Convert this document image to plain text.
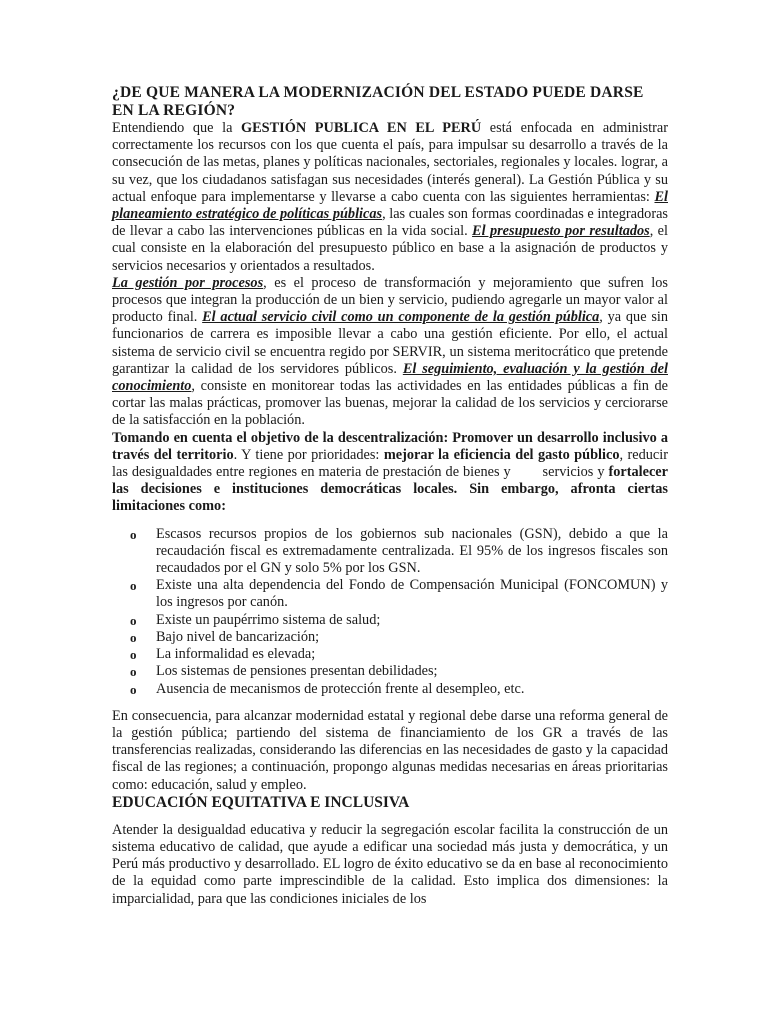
¿DE QUE MANERA LA MODERNIZACIÓN DEL ESTADO PUEDE DARSE EN LA REGIÓN?

Entendiendo que la GESTIÓN PUBLICA EN EL PERÚ está enfocada en administrar correctamente los recursos con los que cuenta el país, para impulsar su desarrollo a través de la consecución de las metas, planes y políticas nacionales, sectoriales, regionales y locales. lograr, a su vez, que los ciudadanos satisfagan sus necesidades (interés general). La Gestión Pública y su actual enfoque para implementarse y llevarse a cabo cuenta con las siguientes herramientas: El planeamiento estratégico de políticas públicas, las cuales son formas coordinadas e integradoras de llevar a cabo las intervenciones públicas en la vida social. El presupuesto por resultados, el cual consiste en la elaboración del presupuesto público en base a la asignación de productos y servicios necesarios y orientados a resultados.

La gestión por procesos, es el proceso de transformación y mejoramiento que sufren los procesos que integran la producción de un bien y servicio, pudiendo agregarle un mayor valor al producto final. El actual servicio civil como un componente de la gestión pública, ya que sin funcionarios de carrera es imposible llevar a cabo una gestión eficiente. Por ello, el actual sistema de servicio civil se encuentra regido por SERVIR, un sistema meritocrático que pretende garantizar la calidad de los servidores públicos. El seguimiento, evaluación y la gestión del conocimiento, consiste en monitorear todas las actividades en las entidades públicas a fin de cortar las malas prácticas, promover las buenas, mejorar la calidad de los servicios y cerciorarse de la satisfacción en la población.

Tomando en cuenta el objetivo de la descentralización: Promover un desarrollo inclusivo a través del territorio. Y tiene por prioridades: mejorar la eficiencia del gasto público, reducir las desigualdades entre regiones en materia de prestación de bienes y        servicios y fortalecer las decisiones e instituciones democráticas locales. Sin embargo, afronta ciertas limitaciones como:

o Escasos recursos propios de los gobiernos sub nacionales (GSN), debido a que la recaudación fiscal es extremadamente centralizada. El 95% de los ingresos fiscales son recaudados por el GN y solo 5% por los GSN.
o Existe una alta dependencia del Fondo de Compensación Municipal (FONCOMUN) y los ingresos por canón.
o Existe un paupérrimo sistema de salud;
o Bajo nivel de bancarización;
o La informalidad es elevada;
o Los sistemas de pensiones presentan debilidades;
o Ausencia de mecanismos de protección frente al desempleo, etc.

En consecuencia, para alcanzar modernidad estatal y regional debe darse una reforma general de la gestión pública; partiendo del sistema de financiamiento de los GR a través de las transferencias realizadas, considerando las diferencias en las necesidades de gasto y la capacidad fiscal de las regiones; a continuación, propongo algunas medidas necesarias en áreas prioritarias como: educación, salud y empleo.

EDUCACIÓN EQUITATIVA E INCLUSIVA

Atender la desigualdad educativa y reducir la segregación escolar facilita la construcción de un sistema educativo de calidad, que ayude a edificar una sociedad más justa y democrática, y un Perú más productivo y desarrollado. EL logro de éxito educativo se da en base al reconocimiento de la equidad como parte imprescindible de la calidad. Esto implica dos dimensiones: la imparcialidad, para que las condiciones iniciales de los
